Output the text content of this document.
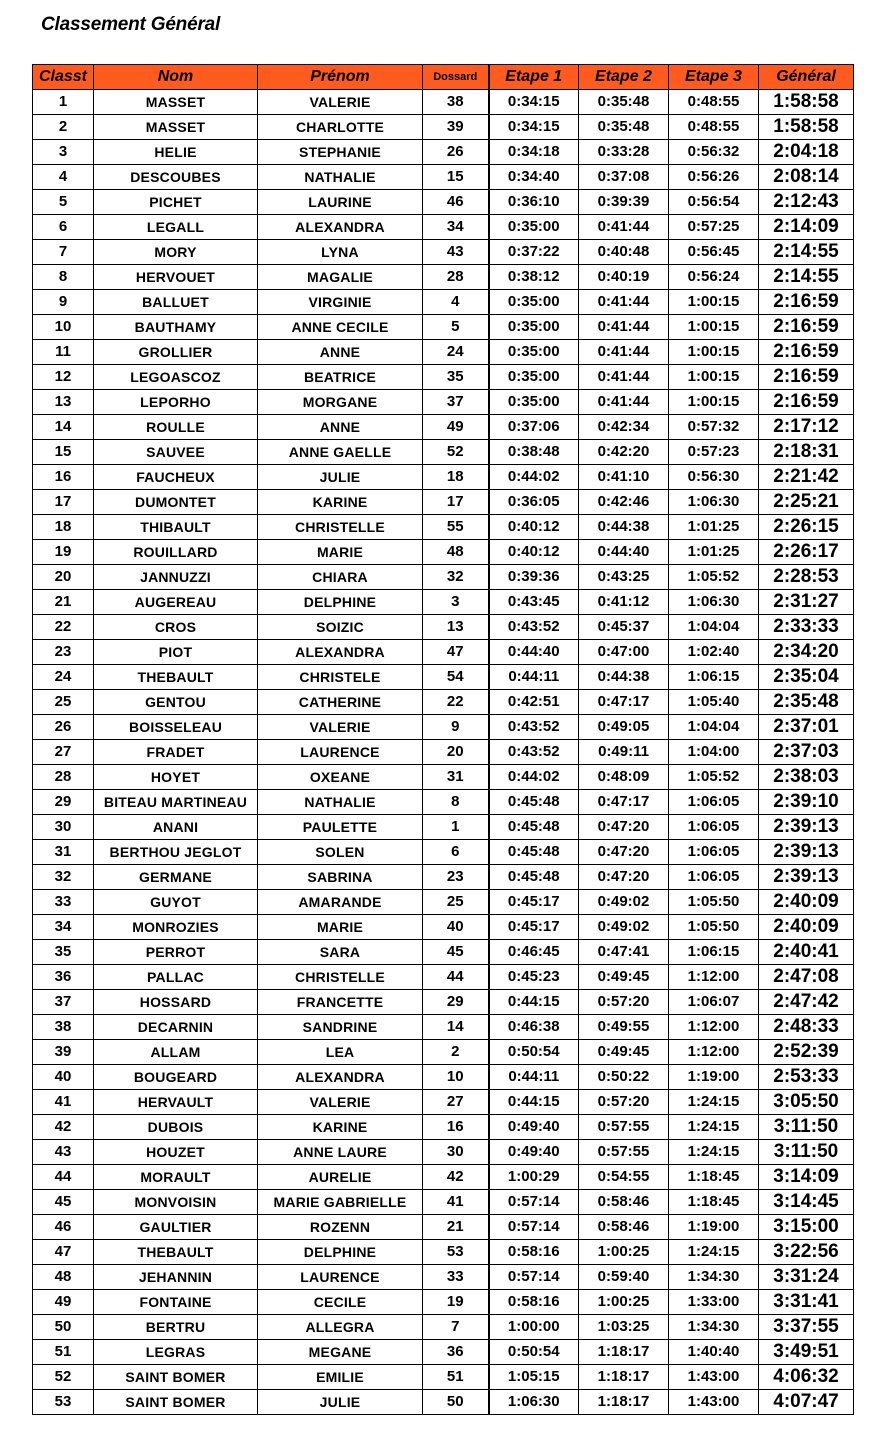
Classement Général
Classt	Nom	Prénom	Dossard	Etape 1	Etape 2	Etape 3	Général
1	MASSET	VALERIE	38	0:34:15	0:35:48	0:48:55	1:58:58
2	MASSET	CHARLOTTE	39	0:34:15	0:35:48	0:48:55	1:58:58
3	HELIE	STEPHANIE	26	0:34:18	0:33:28	0:56:32	2:04:18
4	DESCOUBES	NATHALIE	15	0:34:40	0:37:08	0:56:26	2:08:14
5	PICHET	LAURINE	46	0:36:10	0:39:39	0:56:54	2:12:43
6	LEGALL	ALEXANDRA	34	0:35:00	0:41:44	0:57:25	2:14:09
7	MORY	LYNA	43	0:37:22	0:40:48	0:56:45	2:14:55
8	HERVOUET	MAGALIE	28	0:38:12	0:40:19	0:56:24	2:14:55
9	BALLUET	VIRGINIE	4	0:35:00	0:41:44	1:00:15	2:16:59
10	BAUTHAMY	ANNE CECILE	5	0:35:00	0:41:44	1:00:15	2:16:59
11	GROLLIER	ANNE	24	0:35:00	0:41:44	1:00:15	2:16:59
12	LEGOASCOZ	BEATRICE	35	0:35:00	0:41:44	1:00:15	2:16:59
13	LEPORHO	MORGANE	37	0:35:00	0:41:44	1:00:15	2:16:59
14	ROULLE	ANNE	49	0:37:06	0:42:34	0:57:32	2:17:12
15	SAUVEE	ANNE GAELLE	52	0:38:48	0:42:20	0:57:23	2:18:31
16	FAUCHEUX	JULIE	18	0:44:02	0:41:10	0:56:30	2:21:42
17	DUMONTET	KARINE	17	0:36:05	0:42:46	1:06:30	2:25:21
18	THIBAULT	CHRISTELLE	55	0:40:12	0:44:38	1:01:25	2:26:15
19	ROUILLARD	MARIE	48	0:40:12	0:44:40	1:01:25	2:26:17
20	JANNUZZI	CHIARA	32	0:39:36	0:43:25	1:05:52	2:28:53
21	AUGEREAU	DELPHINE	3	0:43:45	0:41:12	1:06:30	2:31:27
22	CROS	SOIZIC	13	0:43:52	0:45:37	1:04:04	2:33:33
23	PIOT	ALEXANDRA	47	0:44:40	0:47:00	1:02:40	2:34:20
24	THEBAULT	CHRISTELE	54	0:44:11	0:44:38	1:06:15	2:35:04
25	GENTOU	CATHERINE	22	0:42:51	0:47:17	1:05:40	2:35:48
26	BOISSELEAU	VALERIE	9	0:43:52	0:49:05	1:04:04	2:37:01
27	FRADET	LAURENCE	20	0:43:52	0:49:11	1:04:00	2:37:03
28	HOYET	OXEANE	31	0:44:02	0:48:09	1:05:52	2:38:03
29	BITEAU MARTINEAU	NATHALIE	8	0:45:48	0:47:17	1:06:05	2:39:10
30	ANANI	PAULETTE	1	0:45:48	0:47:20	1:06:05	2:39:13
31	BERTHOU JEGLOT	SOLEN	6	0:45:48	0:47:20	1:06:05	2:39:13
32	GERMANE	SABRINA	23	0:45:48	0:47:20	1:06:05	2:39:13
33	GUYOT	AMARANDE	25	0:45:17	0:49:02	1:05:50	2:40:09
34	MONROZIES	MARIE	40	0:45:17	0:49:02	1:05:50	2:40:09
35	PERROT	SARA	45	0:46:45	0:47:41	1:06:15	2:40:41
36	PALLAC	CHRISTELLE	44	0:45:23	0:49:45	1:12:00	2:47:08
37	HOSSARD	FRANCETTE	29	0:44:15	0:57:20	1:06:07	2:47:42
38	DECARNIN	SANDRINE	14	0:46:38	0:49:55	1:12:00	2:48:33
39	ALLAM	LEA	2	0:50:54	0:49:45	1:12:00	2:52:39
40	BOUGEARD	ALEXANDRA	10	0:44:11	0:50:22	1:19:00	2:53:33
41	HERVAULT	VALERIE	27	0:44:15	0:57:20	1:24:15	3:05:50
42	DUBOIS	KARINE	16	0:49:40	0:57:55	1:24:15	3:11:50
43	HOUZET	ANNE LAURE	30	0:49:40	0:57:55	1:24:15	3:11:50
44	MORAULT	AURELIE	42	1:00:29	0:54:55	1:18:45	3:14:09
45	MONVOISIN	MARIE GABRIELLE	41	0:57:14	0:58:46	1:18:45	3:14:45
46	GAULTIER	ROZENN	21	0:57:14	0:58:46	1:19:00	3:15:00
47	THEBAULT	DELPHINE	53	0:58:16	1:00:25	1:24:15	3:22:56
48	JEHANNIN	LAURENCE	33	0:57:14	0:59:40	1:34:30	3:31:24
49	FONTAINE	CECILE	19	0:58:16	1:00:25	1:33:00	3:31:41
50	BERTRU	ALLEGRA	7	1:00:00	1:03:25	1:34:30	3:37:55
51	LEGRAS	MEGANE	36	0:50:54	1:18:17	1:40:40	3:49:51
52	SAINT BOMER	EMILIE	51	1:05:15	1:18:17	1:43:00	4:06:32
53	SAINT BOMER	JULIE	50	1:06:30	1:18:17	1:43:00	4:07:47
